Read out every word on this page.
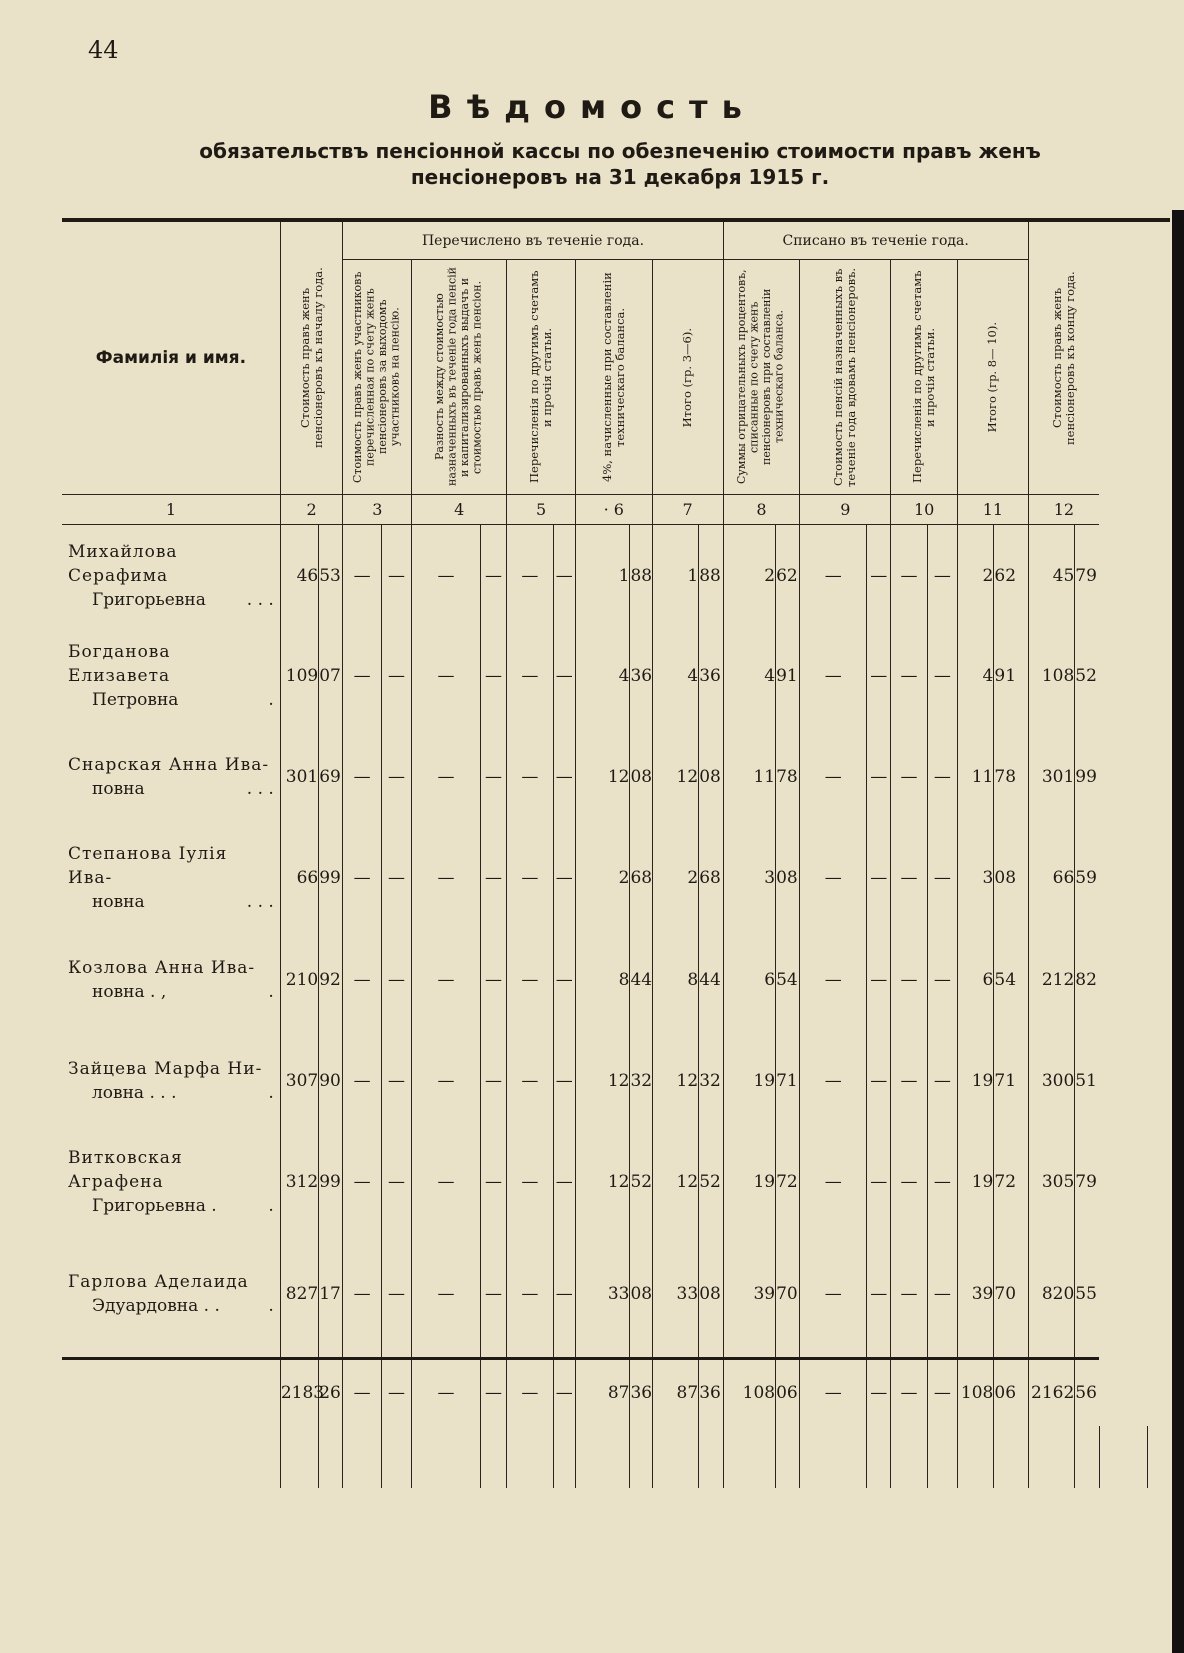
44
Вѣдомость
обязательствъ пенсіонной кассы по обезпеченію стоимости правъ женъ пенсіонеровъ на 31 декабря 1915 г.
Фамилія и имя.	Стоимость правъ женъ пенсіонеровъ къ началу года.		Перечислено въ теченіе года.										Списано въ теченіе года.								Стоимость правъ женъ пенсіонеровъ къ концу года.			

			Стоимость правъ женъ участниковъ перечисленная по счету женъ пенсіонеровъ за выходомъ участниковъ на пенсію.		Разность между стоимостью назначенныхъ въ теченіе года пенсій и капитализированныхъ выдачъ и стоимостью правъ женъ пенсіон.		Перечисленія по другимъ счетамъ и прочія статьи.		4%, начисленные при составленіи техническаго баланса.		Итого (гр. 3—6).		Суммы отрицательныхъ процентовъ, списанные по счету женъ пенсіонеровъ при составленіи техническаго баланса.		Стоимость пенсій назначенныхъ въ теченіе года вдовамъ пенсіонеровъ.		Перечисленія по другимъ счетамъ и прочія статьи.		Итого (гр. 8— 10).					

1	2		3		4		5		· 6		7		8		9		10		11		12			

Михайлова Серафима
Григорьевна . . .	46	53	—	—	—	—	—	—	1	88	1	88	2	62	—	—	—	—	2	62	45	79		

Богданова Елизавета
Петровна .	109	07	—	—	—	—	—	—	4	36	4	36	4	91	—	—	—	—	4	91	108	52		

Снарская Анна Ива-
повна . . .	301	69	—	—	—	—	—	—	12	08	12	08	11	78	—	—	—	—	11	78	301	99		

Степанова Іулія Ива-
новна . . .	66	99	—	—	—	—	—	—	2	68	2	68	3	08	—	—	—	—	3	08	66	59		

Козлова Анна Ива-
новна . , .	210	92	—	—	—	—	—	—	8	44	8	44	6	54	—	—	—	—	6	54	212	82		

Зайцева Марфа Ни-
ловна . . . .	307	90	—	—	—	—	—	—	12	32	12	32	19	71	—	—	—	—	19	71	300	51		

Витковская Аграфена
Григорьевна . .	312	99	—	—	—	—	—	—	12	52	12	52	19	72	—	—	—	—	19	72	305	79		

Гарлова Аделаида
Эдуардовна . . .	827	17	—	—	—	—	—	—	33	08	33	08	39	70	—	—	—	—	39	70	820	55		
	2183	26	—	—	—	—	—	—	87	36	87	36	108	06	—	—	—	—	108	06	2162	56		
